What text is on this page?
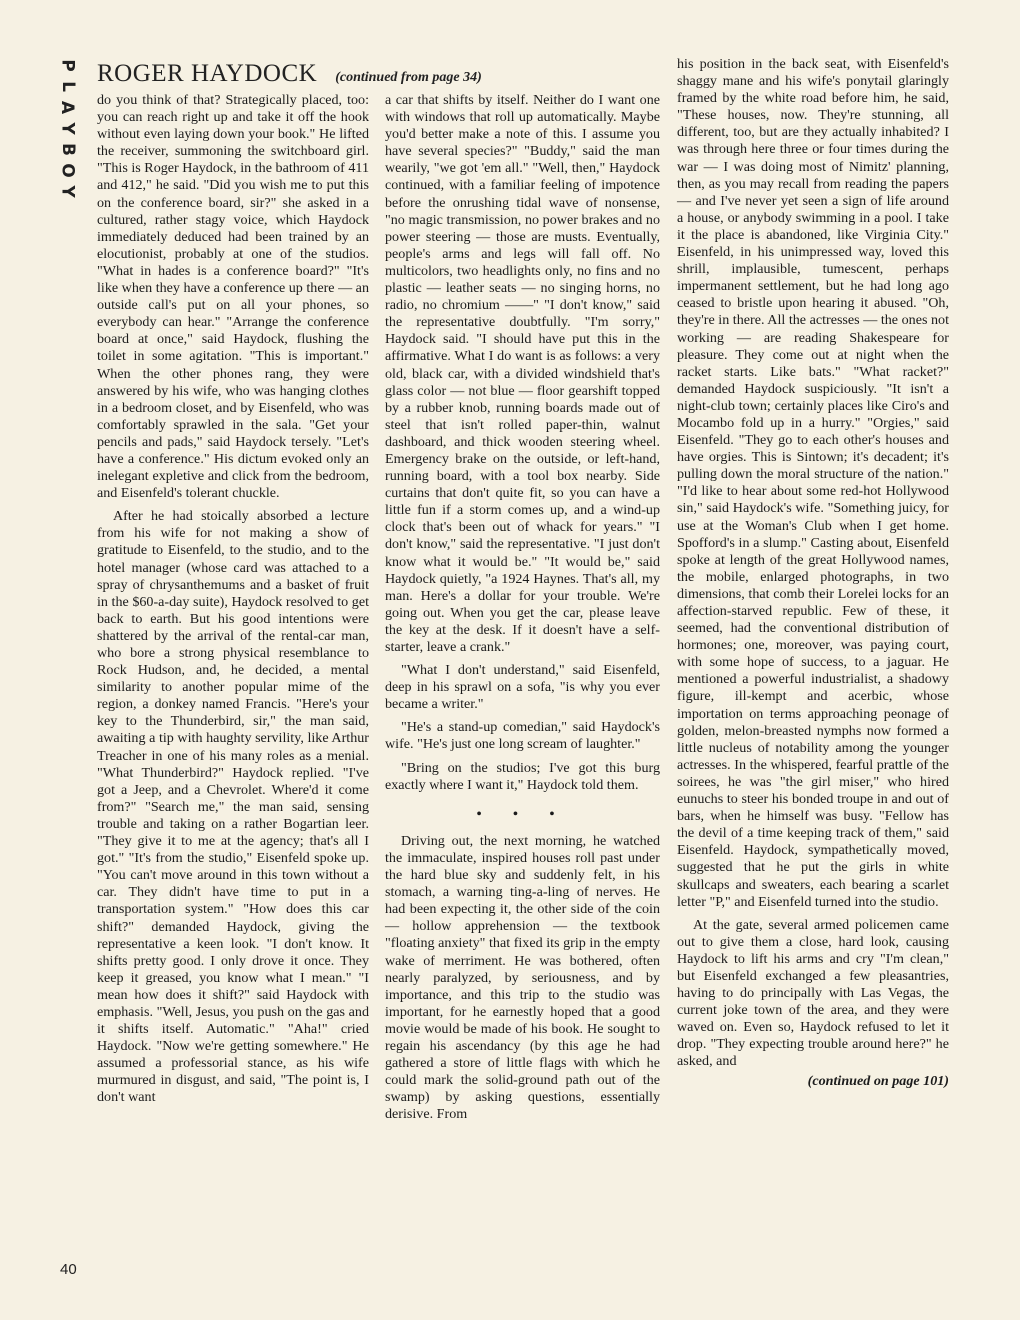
P
L
A
Y
B
O
Y
ROGER HAYDOCK (continued from page 34)

do you think of that? Strategically placed, too: you can reach right up and take it off the hook without even laying down your book." He lifted the receiver, summoning the switchboard girl. "This is Roger Haydock, in the bathroom of 411 and 412," he said. "Did you wish me to put this on the conference board, sir?" she asked in a cultured, rather stagy voice, which Haydock immediately deduced had been trained by an elocutionist, probably at one of the studios. "What in hades is a conference board?" "It's like when they have a conference up there — an outside call's put on all your phones, so everybody can hear." "Arrange the conference board at once," said Haydock, flushing the toilet in some agitation. "This is important." When the other phones rang, they were answered by his wife, who was hanging clothes in a bedroom closet, and by Eisenfeld, who was comfortably sprawled in the sala. "Get your pencils and pads," said Haydock tersely. "Let's have a conference." His dictum evoked only an inelegant expletive and click from the bedroom, and Eisenfeld's tolerant chuckle.

After he had stoically absorbed a lecture from his wife for not making a show of gratitude to Eisenfeld, to the studio, and to the hotel manager (whose card was attached to a spray of chrysanthemums and a basket of fruit in the $60-a-day suite), Haydock resolved to get back to earth. But his good intentions were shattered by the arrival of the rental-car man, who bore a strong physical resemblance to Rock Hudson, and, he decided, a mental similarity to another popular mime of the region, a donkey named Francis. "Here's your key to the Thunderbird, sir," the man said, awaiting a tip with haughty servility, like Arthur Treacher in one of his many roles as a menial. "What Thunderbird?" Haydock replied. "I've got a Jeep, and a Chevrolet. Where'd it come from?" "Search me," the man said, sensing trouble and taking on a rather Bogartian leer. "They give it to me at the agency; that's all I got." "It's from the studio," Eisenfeld spoke up. "You can't move around in this town without a car. They didn't have time to put in a transportation system." "How does this car shift?" demanded Haydock, giving the representative a keen look. "I don't know. It shifts pretty good. I only drove it once. They keep it greased, you know what I mean." "I mean how does it shift?" said Haydock with emphasis. "Well, Jesus, you push on the gas and it shifts itself. Automatic." "Aha!" cried Haydock. "Now we're getting somewhere." He assumed a professorial stance, as his wife murmured in disgust, and said, "The point is, I don't want

a car that shifts by itself. Neither do I want one with windows that roll up automatically. Maybe you'd better make a note of this. I assume you have several species?" "Buddy," said the man wearily, "we got 'em all." "Well, then," Haydock continued, with a familiar feeling of impotence before the onrushing tidal wave of nonsense, "no magic transmission, no power brakes and no power steering — those are musts. Eventually, people's arms and legs will fall off. No multicolors, two headlights only, no fins and no plastic — leather seats — no singing horns, no radio, no chromium ——" "I don't know," said the representative doubtfully. "I'm sorry," Haydock said. "I should have put this in the affirmative. What I do want is as follows: a very old, black car, with a divided windshield that's glass color — not blue — floor gearshift topped by a rubber knob, running boards made out of steel that isn't rolled paper-thin, walnut dashboard, and thick wooden steering wheel. Emergency brake on the outside, or left-hand, running board, with a tool box nearby. Side curtains that don't quite fit, so you can have a little fun if a storm comes up, and a wind-up clock that's been out of whack for years." "I don't know," said the representative. "I just don't know what it would be." "It would be," said Haydock quietly, "a 1924 Haynes. That's all, my man. Here's a dollar for your trouble. We're going out. When you get the car, please leave the key at the desk. If it doesn't have a self-starter, leave a crank."

"What I don't understand," said Eisenfeld, deep in his sprawl on a sofa, "is why you ever became a writer."

"He's a stand-up comedian," said Haydock's wife. "He's just one long scream of laughter."

"Bring on the studios; I've got this burg exactly where I want it," Haydock told them.

• • •

Driving out, the next morning, he watched the immaculate, inspired houses roll past under the hard blue sky and suddenly felt, in his stomach, a warning ting-a-ling of nerves. He had been expecting it, the other side of the coin — hollow apprehension — the textbook "floating anxiety" that fixed its grip in the empty wake of merriment. He was bothered, often nearly paralyzed, by seriousness, and by importance, and this trip to the studio was important, for he earnestly hoped that a good movie would be made of his book. He sought to regain his ascendancy (by this age he had gathered a store of little flags with which he could mark the solid-ground path out of the swamp) by asking questions, essentially derisive. From

his position in the back seat, with Eisenfeld's shaggy mane and his wife's ponytail glaringly framed by the white road before him, he said, "These houses, now. They're stunning, all different, too, but are they actually inhabited? I was through here three or four times during the war — I was doing most of Nimitz' planning, then, as you may recall from reading the papers — and I've never yet seen a sign of life around a house, or anybody swimming in a pool. I take it the place is abandoned, like Virginia City." Eisenfeld, in his unimpressed way, loved this shrill, implausible, tumescent, perhaps impermanent settlement, but he had long ago ceased to bristle upon hearing it abused. "Oh, they're in there. All the actresses — the ones not working — are reading Shakespeare for pleasure. They come out at night when the racket starts. Like bats." "What racket?" demanded Haydock suspiciously. "It isn't a night-club town; certainly places like Ciro's and Mocambo fold up in a hurry." "Orgies," said Eisenfeld. "They go to each other's houses and have orgies. This is Sintown; it's decadent; it's pulling down the moral structure of the nation." "I'd like to hear about some red-hot Hollywood sin," said Haydock's wife. "Something juicy, for use at the Woman's Club when I get home. Spofford's in a slump." Casting about, Eisenfeld spoke at length of the great Hollywood names, the mobile, enlarged photographs, in two dimensions, that comb their Lorelei locks for an affection-starved republic. Few of these, it seemed, had the conventional distribution of hormones; one, moreover, was paying court, with some hope of success, to a jaguar. He mentioned a powerful industrialist, a shadowy figure, ill-kempt and acerbic, whose importation on terms approaching peonage of golden, melon-breasted nymphs now formed a little nucleus of notability among the younger actresses. In the whispered, fearful prattle of the soirees, he was "the girl miser," who hired eunuchs to steer his bonded troupe in and out of bars, when he himself was busy. "Fellow has the devil of a time keeping track of them," said Eisenfeld. Haydock, sympathetically moved, suggested that he put the girls in white skullcaps and sweaters, each bearing a scarlet letter "P," and Eisenfeld turned into the studio.

At the gate, several armed policemen came out to give them a close, hard look, causing Haydock to lift his arms and cry "I'm clean," but Eisenfeld exchanged a few pleasantries, having to do principally with Las Vegas, the current joke town of the area, and they were waved on. Even so, Haydock refused to let it drop. "They expecting trouble around here?" he asked, and

(continued on page 101)
40
